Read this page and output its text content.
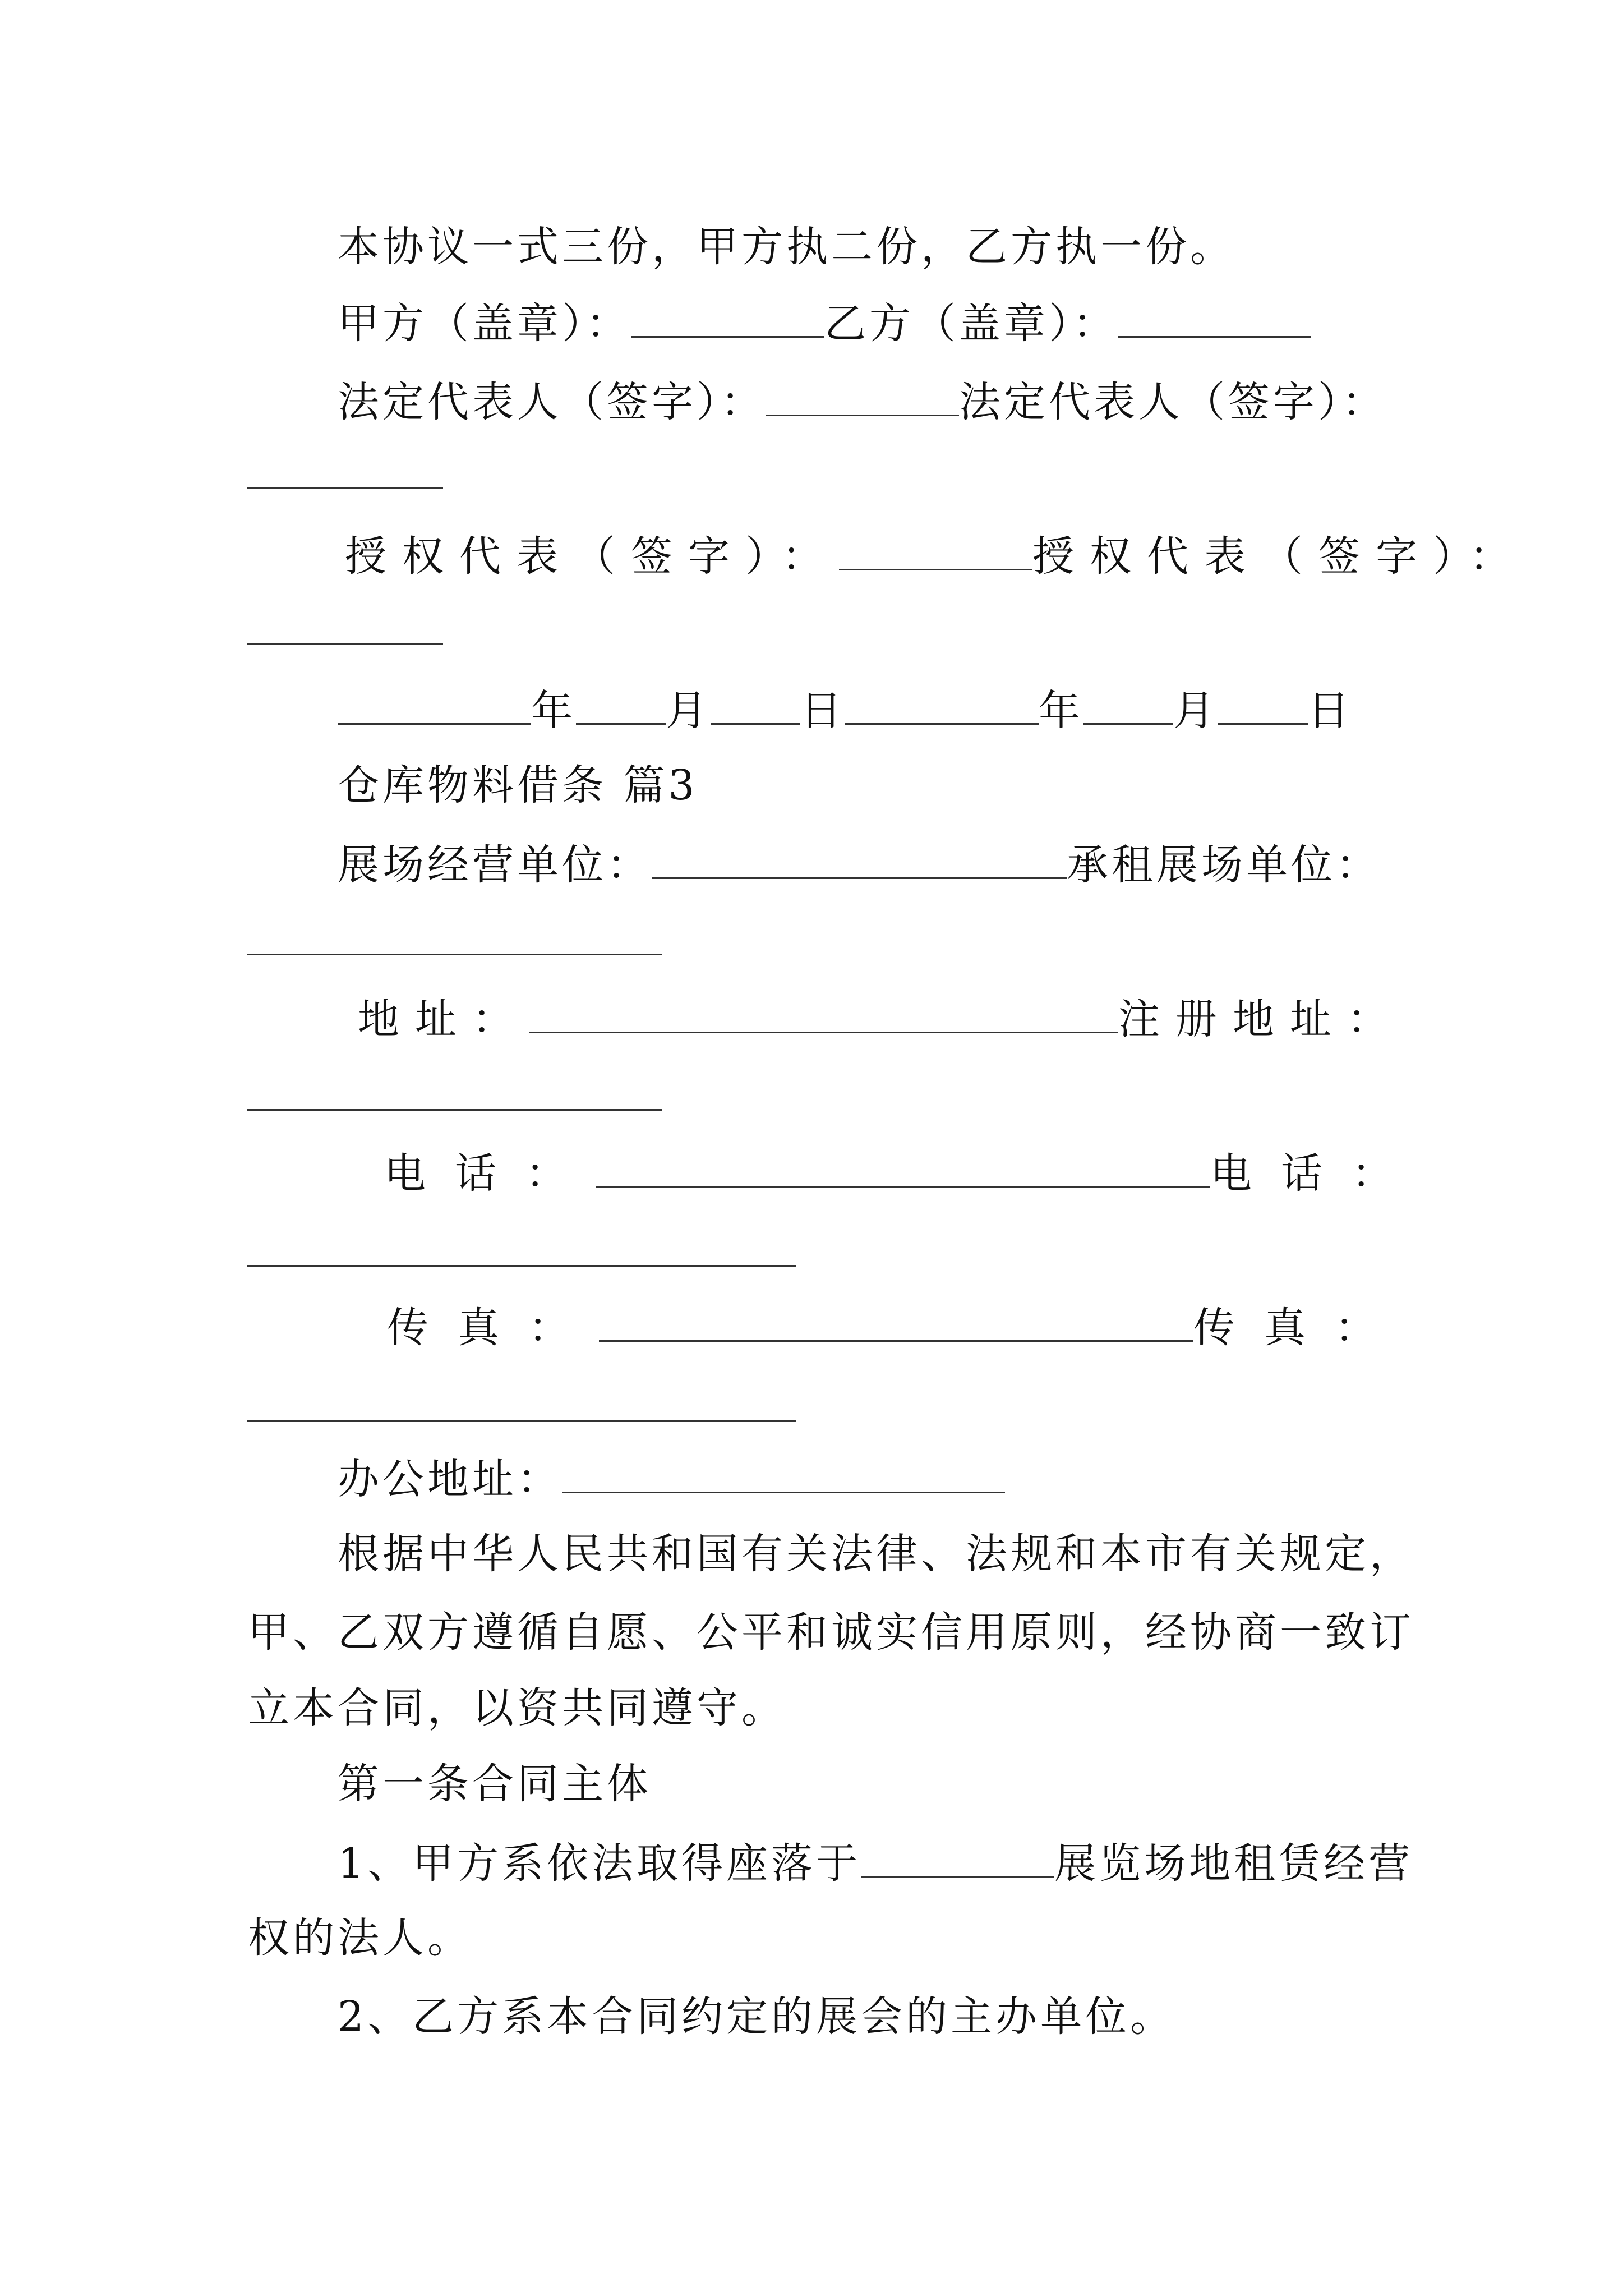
本协议一式三份，甲方执二份，乙方执一份。
甲方（盖章）：	乙方（盖章）：
法定代表人（签字）：	法定代表人（签字）：
授权代表（签字）：	授权代表（签字）：
年 月 日	年 月 日
仓库物料借条 篇3
展场经营单位：	承租展场单位：
地址：	注册地址：
电话：	电话：
传真：	传真：
办公地址：
根据中华人民共和国有关法律、法规和本市有关规定，
甲、乙双方遵循自愿、公平和诚实信用原则，经协商一致订
立本合同，以资共同遵守。
第一条合同主体
1、甲方系依法取得座落于	展览场地租赁经营
权的法人。
2、乙方系本合同约定的展会的主办单位。
